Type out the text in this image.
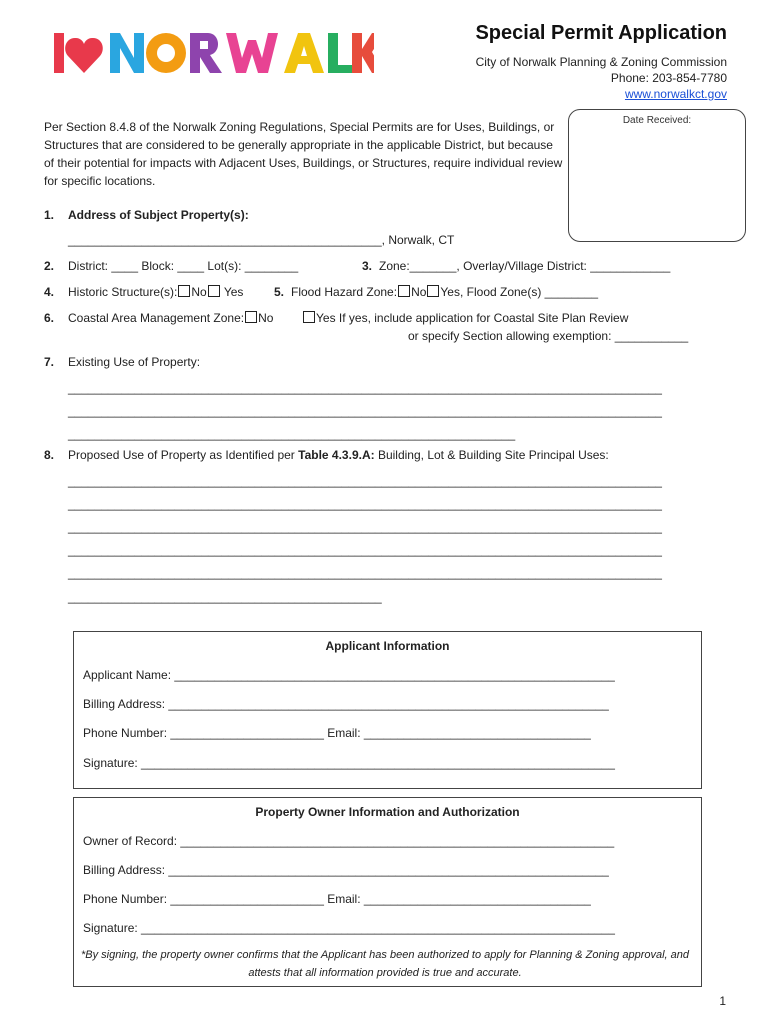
Special Permit Application
City of Norwalk Planning & Zoning Commission
Phone: 203-854-7780
www.norwalkct.gov
Date Received:
Per Section 8.4.8 of the Norwalk Zoning Regulations, Special Permits are for Uses, Buildings, or Structures that are considered to be generally appropriate in the applicable District, but because of their potential for impacts with Adjacent Uses, Buildings, or Structures, require individual review for specific locations.
1. Address of Subject Property(s):
_______________________________________________, Norwalk, CT
2. District: ____ Block: ____ Lot(s): ________	3. Zone:_______, Overlay/Village District: ____________
4. Historic Structure(s): No Yes	5. Flood Hazard Zone: No Yes, Flood Zone(s) ________
6. Coastal Area Management Zone: No	Yes If yes, include application for Coastal Site Plan Review
or specify Section allowing exemption: ___________
7. Existing Use of Property:
_________________________________________________________________________________________
_________________________________________________________________________________________
___________________________________________________________________
8. Proposed Use of Property as Identified per Table 4.3.9.A: Building, Lot & Building Site Principal Uses:
_________________________________________________________________________________________
_________________________________________________________________________________________
_________________________________________________________________________________________
_________________________________________________________________________________________
_________________________________________________________________________________________
_______________________________________________
Applicant Information
Applicant Name: __________________________________________________________________
Billing Address: __________________________________________________________________
Phone Number: _______________________ Email: __________________________________
Signature: _______________________________________________________________________
Property Owner Information and Authorization
Owner of Record: _________________________________________________________________
Billing Address: __________________________________________________________________
Phone Number: _______________________ Email: __________________________________
Signature: _______________________________________________________________________
*By signing, the property owner confirms that the Applicant has been authorized to apply for Planning & Zoning approval, and attests that all information provided is true and accurate.
1
